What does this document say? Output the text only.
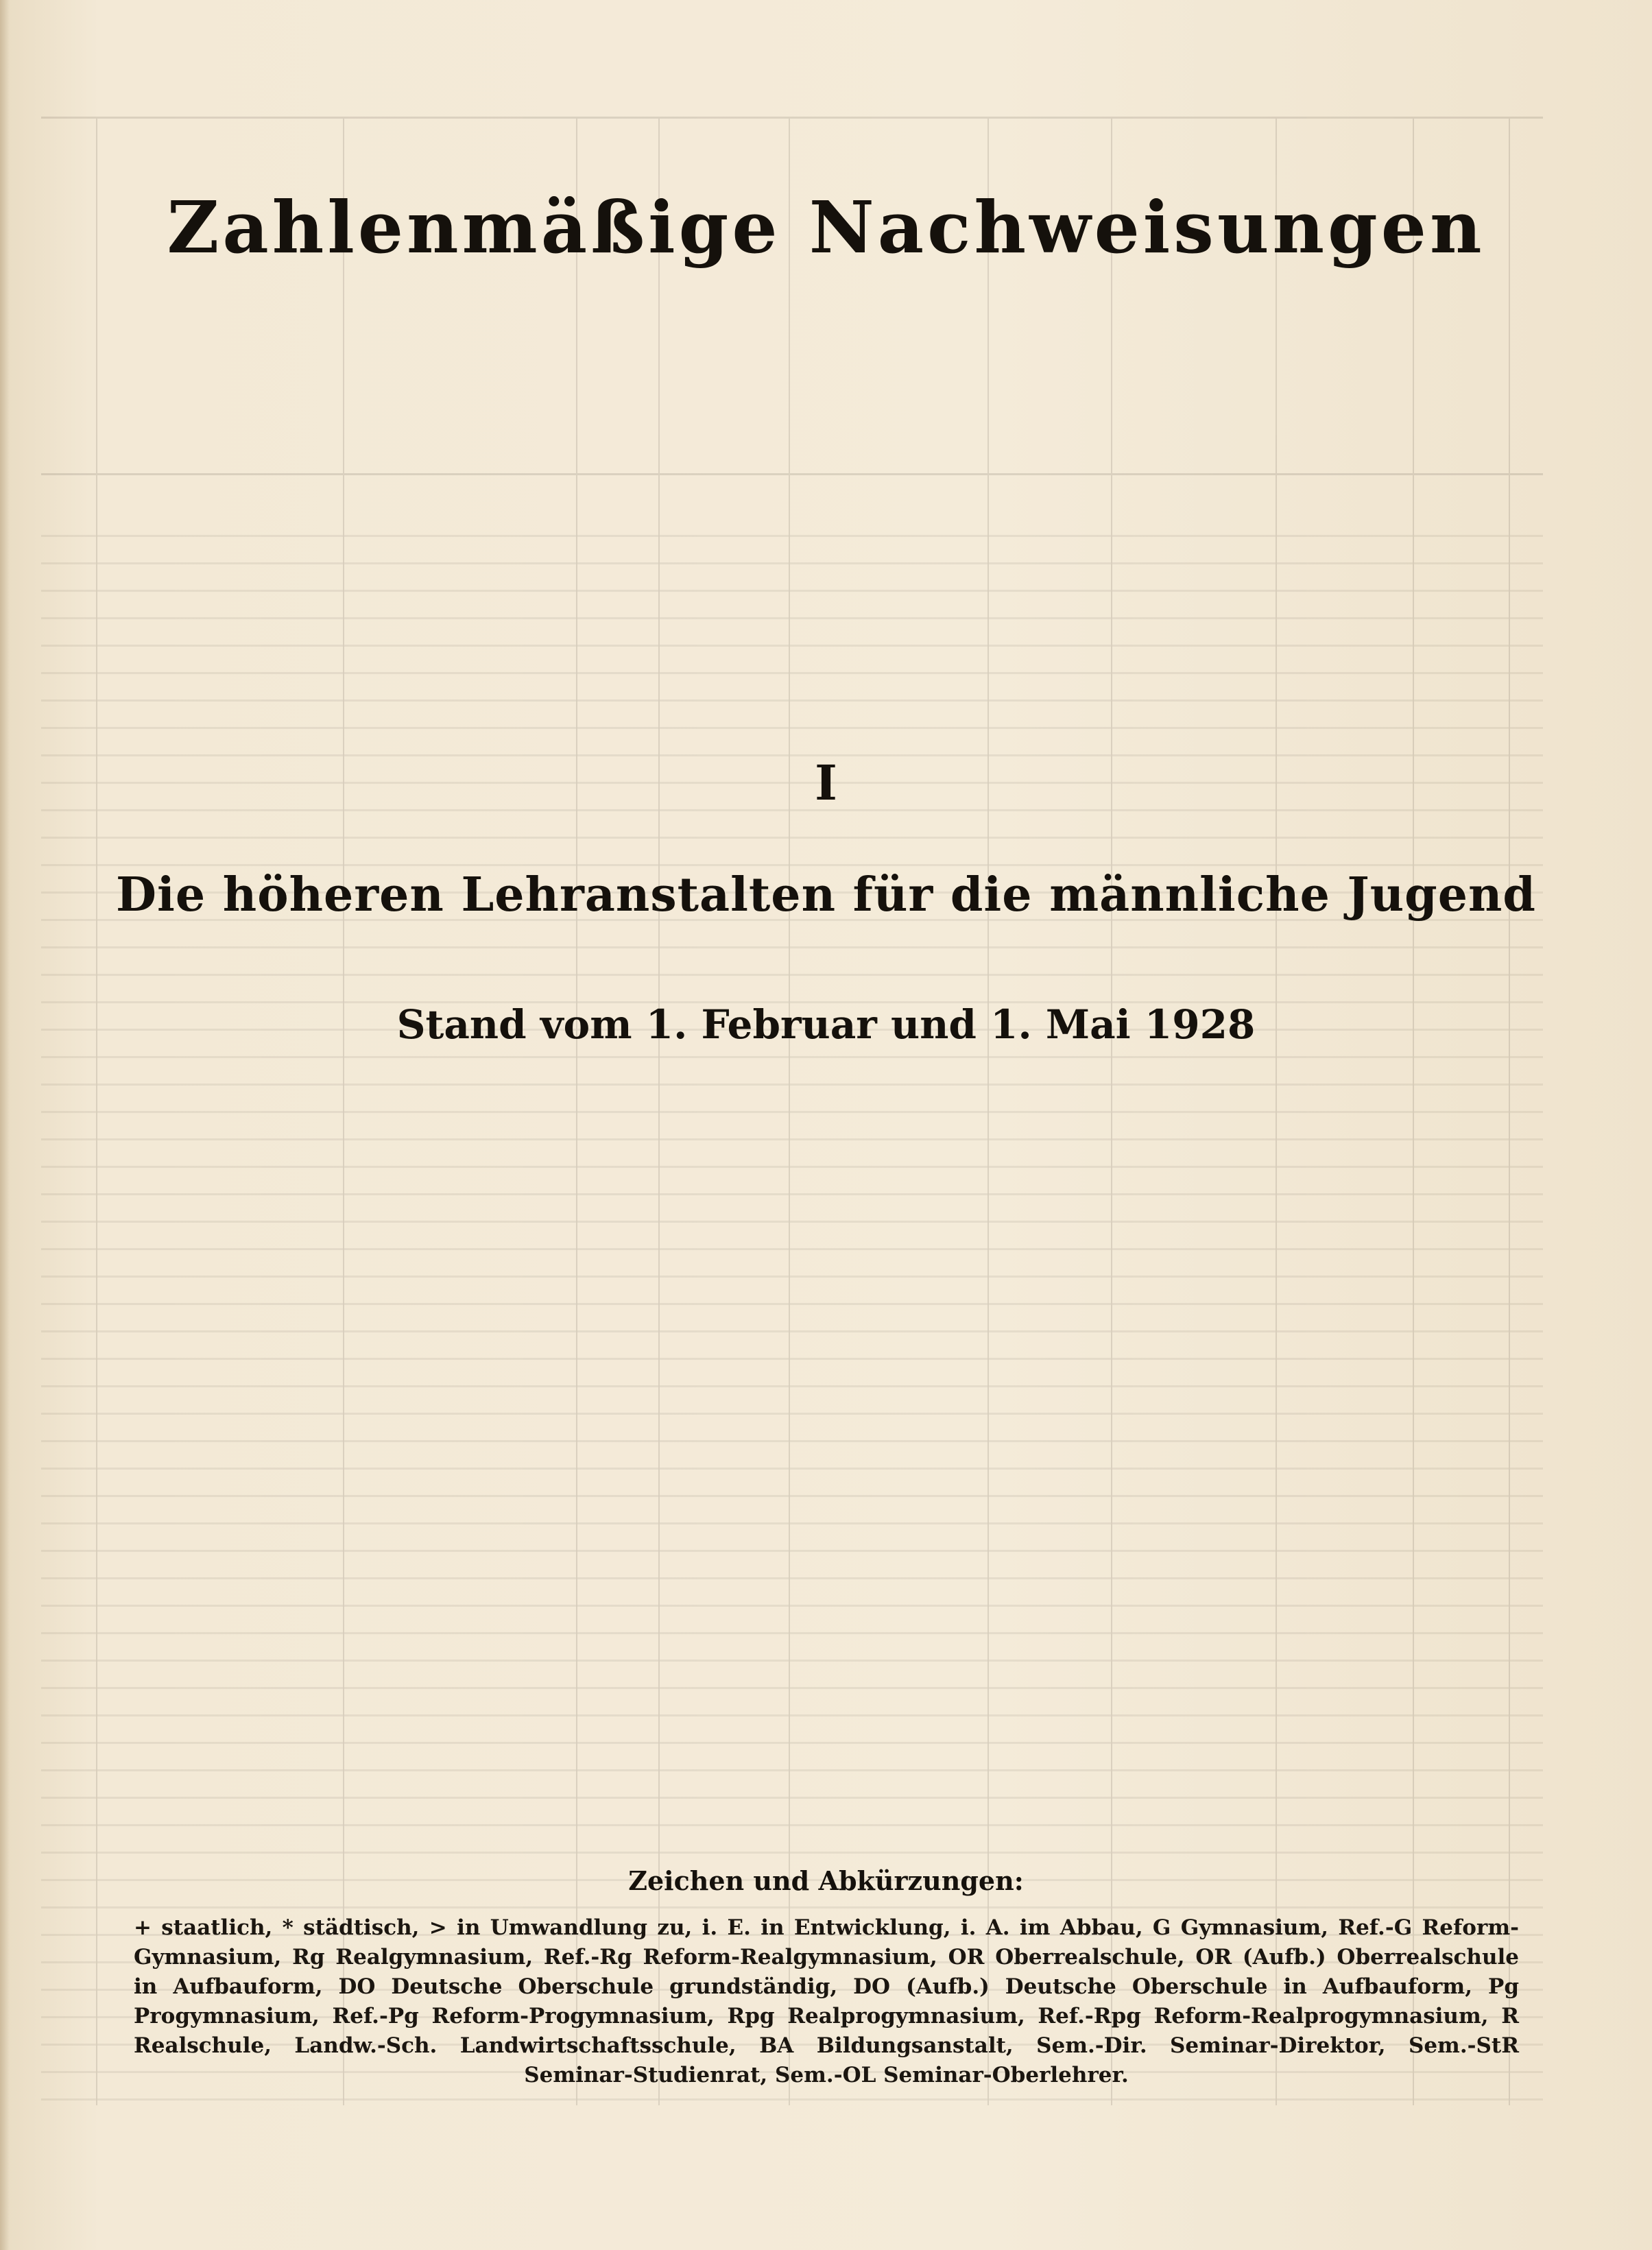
Zahlenmäßige Nachweisungen
I
Die höheren Lehranstalten für die männliche Jugend
Stand vom 1. Februar und 1. Mai 1928
Zeichen und Abkürzungen:
+ staatlich, * städtisch, > in Umwandlung zu, i. E. in Entwicklung, i. A. im Abbau, G Gymnasium, Ref.-G Reform-Gymnasium, Rg Realgymnasium, Ref.-Rg Reform-Realgymnasium, OR Oberrealschule, OR (Aufb.) Oberrealschule in Aufbauform, DO Deutsche Oberschule grundständig, DO (Aufb.) Deutsche Oberschule in Aufbauform, Pg Progymnasium, Ref.-Pg Reform-Progymnasium, Rpg Realprogymnasium, Ref.-Rpg Reform-Realprogymnasium, R Realschule, Landw.-Sch. Landwirtschaftsschule, BA Bildungsanstalt, Sem.-Dir. Seminar-Direktor, Sem.-StR Seminar-Studienrat, Sem.-OL Seminar-Oberlehrer.
